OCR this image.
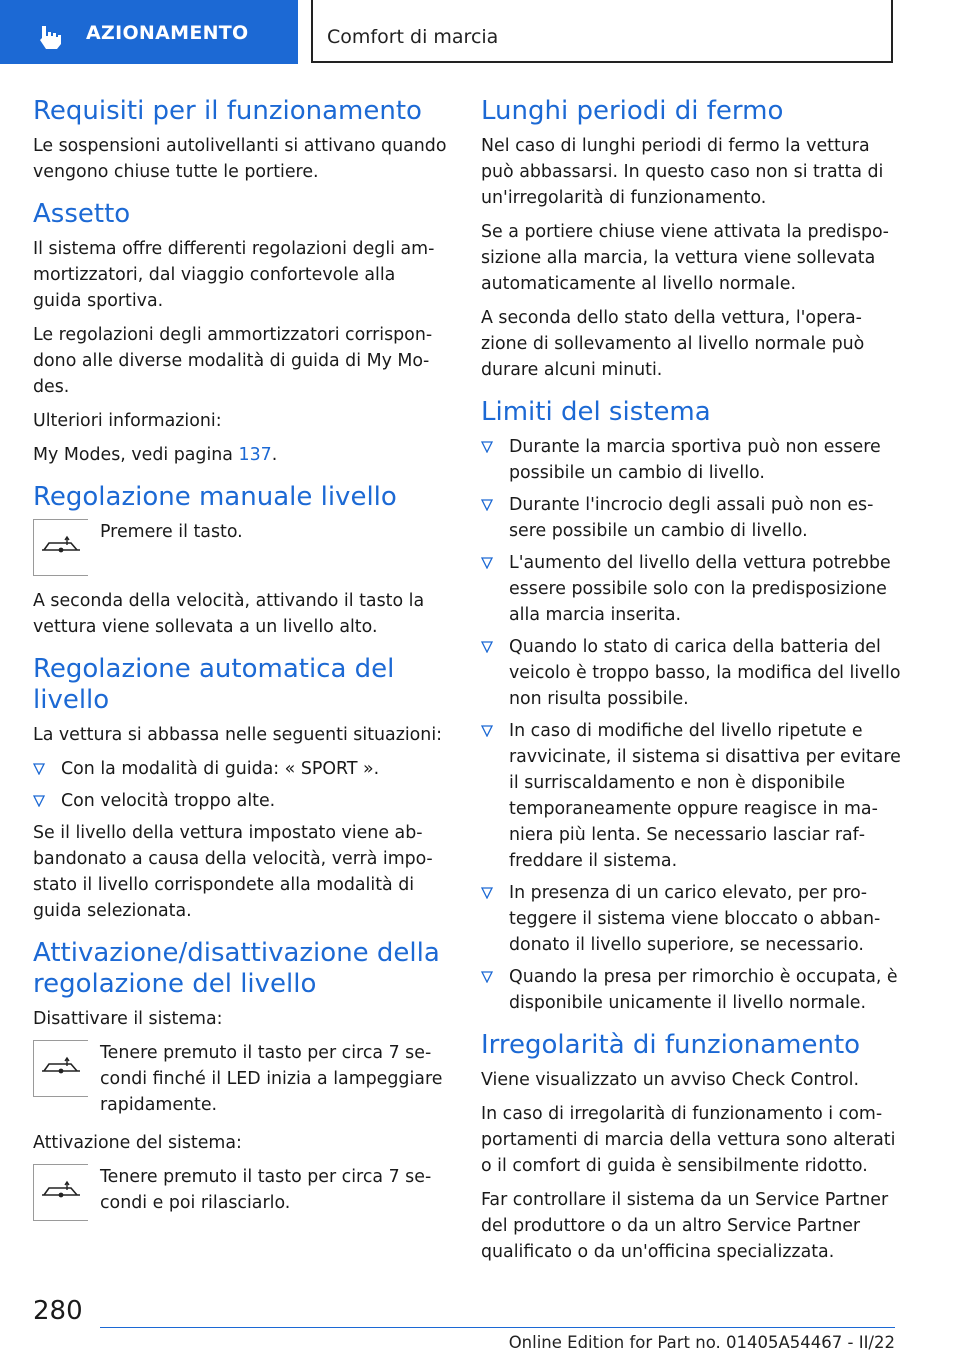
AZIONAMENTO	Comfort di marcia
Requisiti per il funzionamento

Le sospensioni autolivellanti si attivano quando vengono chiuse tutte le portiere.

Assetto

Il sistema offre differenti regolazioni degli ammortizzatori, dal viaggio confortevole alla guida sportiva.

Le regolazioni degli ammortizzatori corrispondono alle diverse modalità di guida di My Modes.

Ulteriori informazioni:

My Modes, vedi pagina 137.

Regolazione manuale livello
Premere il tasto.

A seconda della velocità, attivando il tasto la vettura viene sollevata a un livello alto.

Regolazione automatica del livello

La vettura si abbassa nelle seguenti situazioni:

Con la modalità di guida: « SPORT ».
Con velocità troppo alte.

Se il livello della vettura impostato viene abbandonato a causa della velocità, verrà impostato il livello corrispondete alla modalità di guida selezionata.

Attivazione/disattivazione della regolazione del livello

Disattivare il sistema:

Tenere premuto il tasto per circa 7 secondi finché il LED inizia a lampeggiare rapidamente.

Attivazione del sistema:

Tenere premuto il tasto per circa 7 secondi e poi rilasciarlo.
Lunghi periodi di fermo

Nel caso di lunghi periodi di fermo la vettura può abbassarsi. In questo caso non si tratta di un'irregolarità di funzionamento.

Se a portiere chiuse viene attivata la predisposizione alla marcia, la vettura viene sollevata automaticamente al livello normale.

A seconda dello stato della vettura, l'operazione di sollevamento al livello normale può durare alcuni minuti.

Limiti del sistema
Durante la marcia sportiva può non essere possibile un cambio di livello.
Durante l'incrocio degli assali può non essere possibile un cambio di livello.
L'aumento del livello della vettura potrebbe essere possibile solo con la predisposizione alla marcia inserita.
Quando lo stato di carica della batteria del veicolo è troppo basso, la modifica del livello non risulta possibile.
In caso di modifiche del livello ripetute e ravvicinate, il sistema si disattiva per evitare il surriscaldamento e non è disponibile temporaneamente oppure reagisce in maniera più lenta. Se necessario lasciar raffreddare il sistema.
In presenza di un carico elevato, per proteggere il sistema viene bloccato o abbandonato il livello superiore, se necessario.
Quando la presa per rimorchio è occupata, è disponibile unicamente il livello normale.
Irregolarità di funzionamento

Viene visualizzato un avviso Check Control.

In caso di irregolarità di funzionamento i comportamenti di marcia della vettura sono alterati o il comfort di guida è sensibilmente ridotto.

Far controllare il sistema da un Service Partner del produttore o da un altro Service Partner qualificato o da un'officina specializzata.

280
Online Edition for Part no. 01405A54467 - II/22
